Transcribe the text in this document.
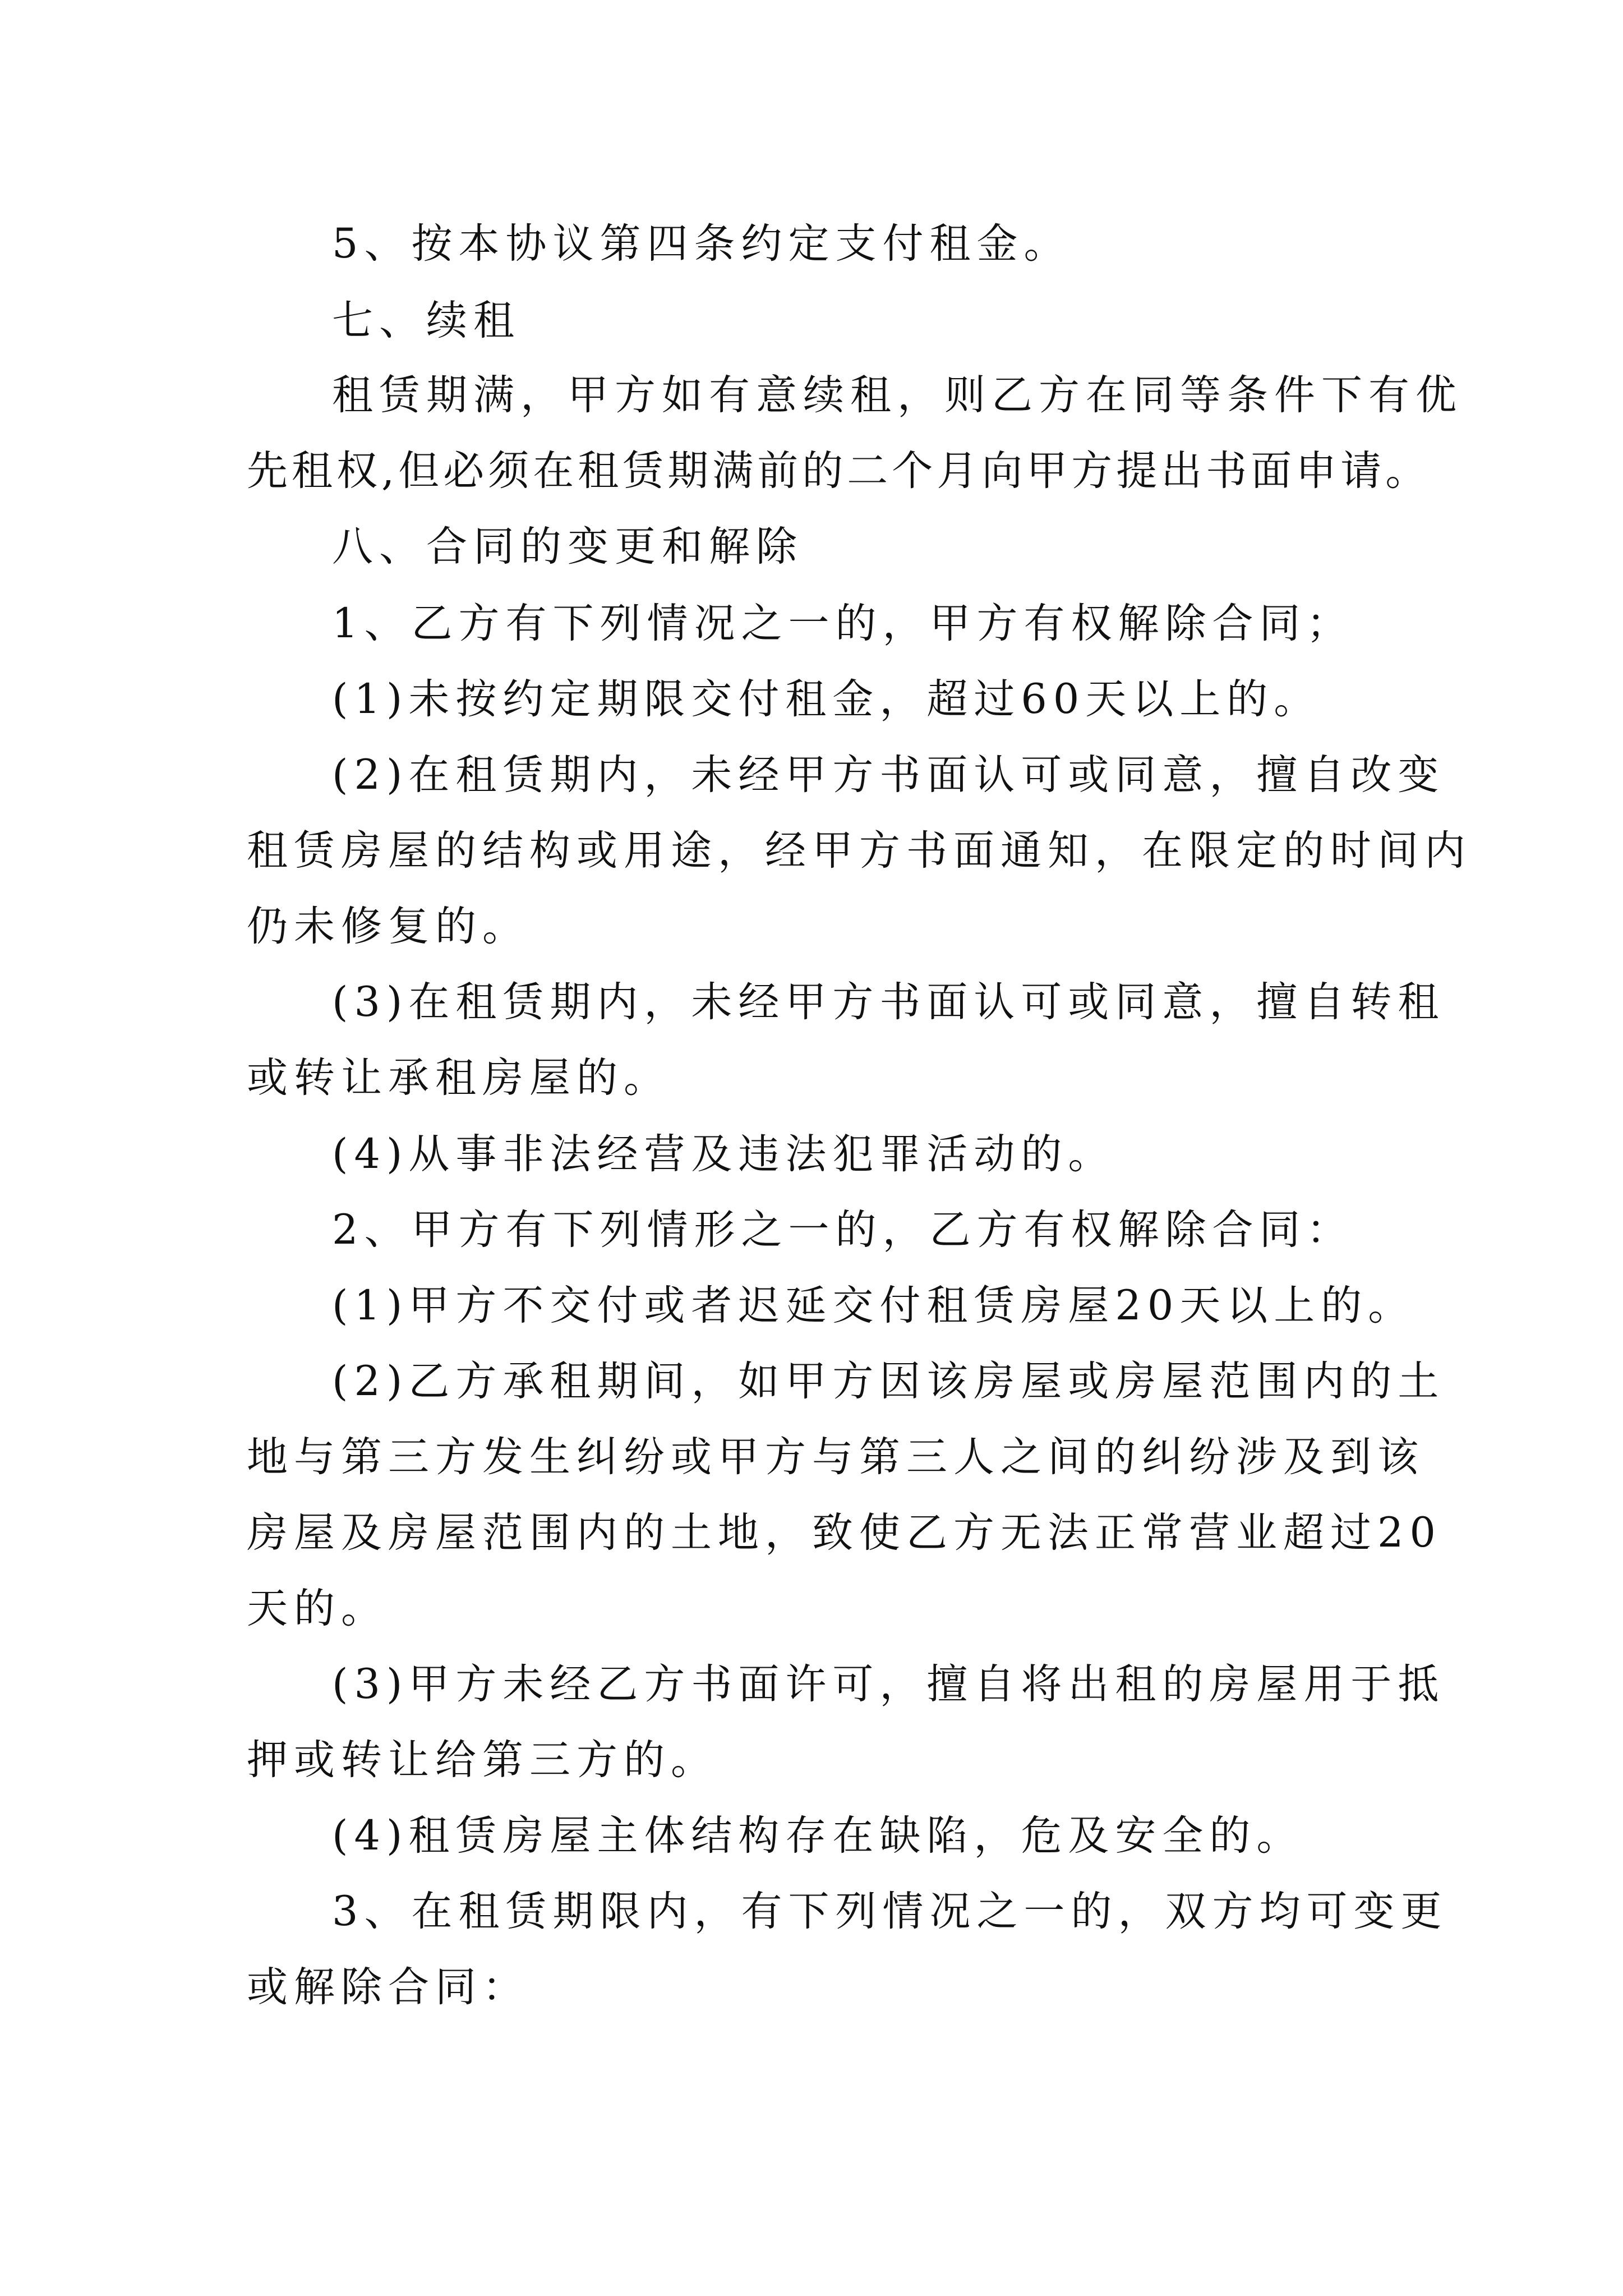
5、按本协议第四条约定支付租金。
七、续租
租赁期满，甲方如有意续租，则乙方在同等条件下有优
先租权,但必须在租赁期满前的二个月向甲方提出书面申请。
八、合同的变更和解除
1、乙方有下列情况之一的，甲方有权解除合同；
(1)未按约定期限交付租金，超过60天以上的。
(2)在租赁期内，未经甲方书面认可或同意，擅自改变
租赁房屋的结构或用途，经甲方书面通知，在限定的时间内
仍未修复的。
(3)在租赁期内，未经甲方书面认可或同意，擅自转租
或转让承租房屋的。
(4)从事非法经营及违法犯罪活动的。
2、甲方有下列情形之一的，乙方有权解除合同：
(1)甲方不交付或者迟延交付租赁房屋20天以上的。
(2)乙方承租期间，如甲方因该房屋或房屋范围内的土
地与第三方发生纠纷或甲方与第三人之间的纠纷涉及到该
房屋及房屋范围内的土地，致使乙方无法正常营业超过20
天的。
(3)甲方未经乙方书面许可，擅自将出租的房屋用于抵
押或转让给第三方的。
(4)租赁房屋主体结构存在缺陷，危及安全的。
3、在租赁期限内，有下列情况之一的，双方均可变更
或解除合同：
